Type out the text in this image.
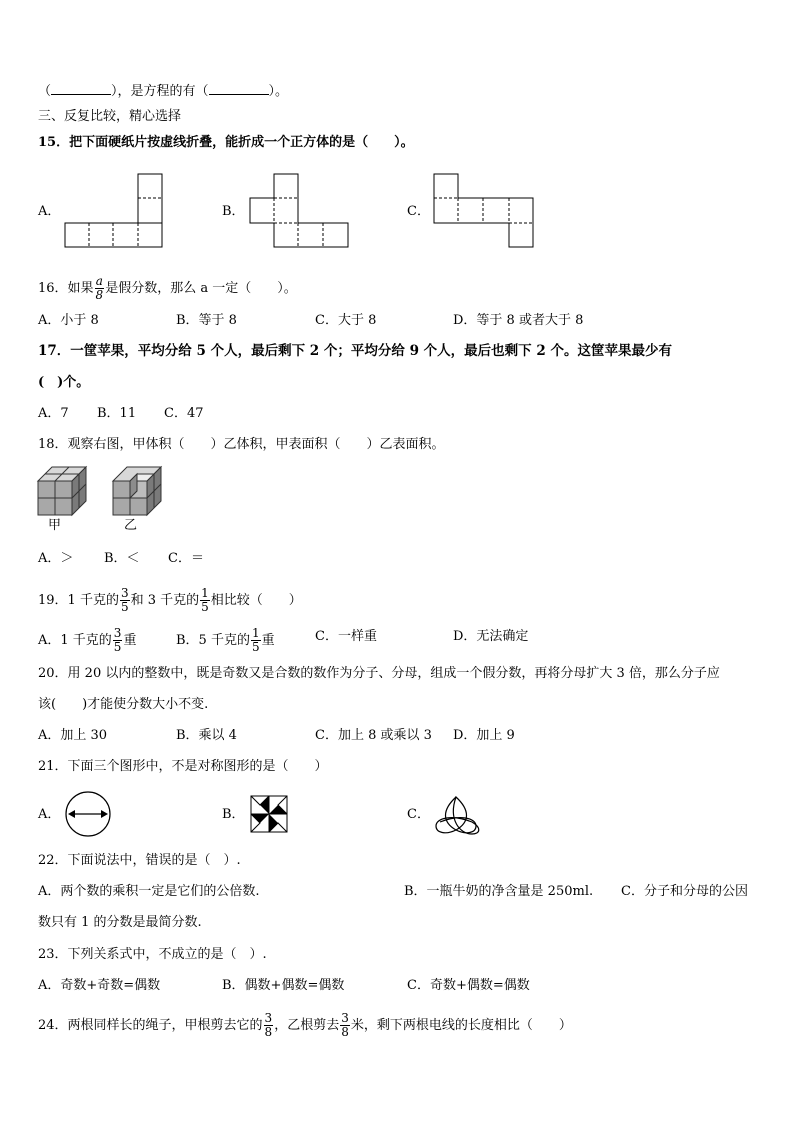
（	），是方程的有（	）。
三、反复比较，精心选择
15．把下面硬纸片按虚线折叠，能折成一个正方体的是（　　）。
A．	B．	C．
16．如果 $\frac{a}{8}$ 是假分数，那么 a 一定（　　）。
A．小于 8	B．等于 8	C．大于 8	D．等于 8 或者大于 8
17．一筐苹果，平均分给 5 个人，最后剩下 2 个；平均分给 9 个人，最后也剩下 2 个。这筐苹果最少有
(　)个。
A．7 B．11 C．47
18．观察右图，甲体积（　　）乙体积，甲表面积（　　）乙表面积。
甲	乙
A．＞ B．＜ C．＝
19．1 千克的 $\frac{3}{5}$ 和 3 千克的 $\frac{1}{5}$ 相比较（　　）
A．1 千克的 $\frac{3}{5}$ 重	B．5 千克的 $\frac{1}{5}$ 重	C．一样重	D．无法确定
20．用 20 以内的整数中，既是奇数又是合数的数作为分子、分母，组成一个假分数，再将分母扩大 3 倍，那么分子应
该(　　)才能使分数大小不变.
A．加上 30	B．乘以 4	C．加上 8 或乘以 3 D．加上 9
21．下面三个图形中，不是对称图形的是（　　）
A．	B．	C．
22．下面说法中，错误的是（　）.
A．两个数的乘积一定是它们的公倍数.	B．一瓶牛奶的净含量是 250ml. C．分子和分母的公因
数只有 1 的分数是最简分数.
23．下列关系式中，不成立的是（　）.
A．奇数+奇数=偶数	B．偶数+偶数=偶数	C．奇数+偶数=偶数
24．两根同样长的绳子，甲根剪去它的 $\frac{3}{8}$ ，乙根剪去 $\frac{3}{8}$ 米，剩下两根电线的长度相比（　　）
